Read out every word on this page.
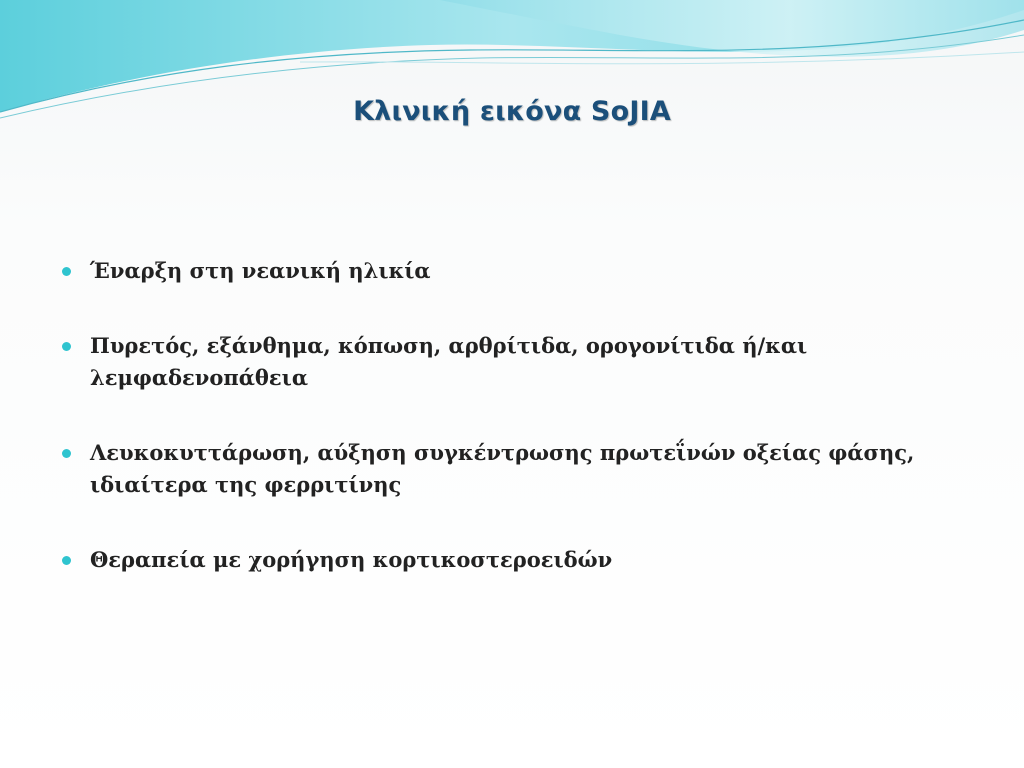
Κλινική εικόνα SoJIA
Έναρξη στη νεανική ηλικία
Πυρετός, εξάνθημα, κόπωση, αρθρίτιδα, ορογονίτιδα ή/και λεμφαδενοπάθεια
Λευκοκυττάρωση, αύξηση συγκέντρωσης πρωτεΐνών οξείας φάσης, ιδιαίτερα της φερριτίνης
Θεραπεία με χορήγηση κορτικοστεροειδών
